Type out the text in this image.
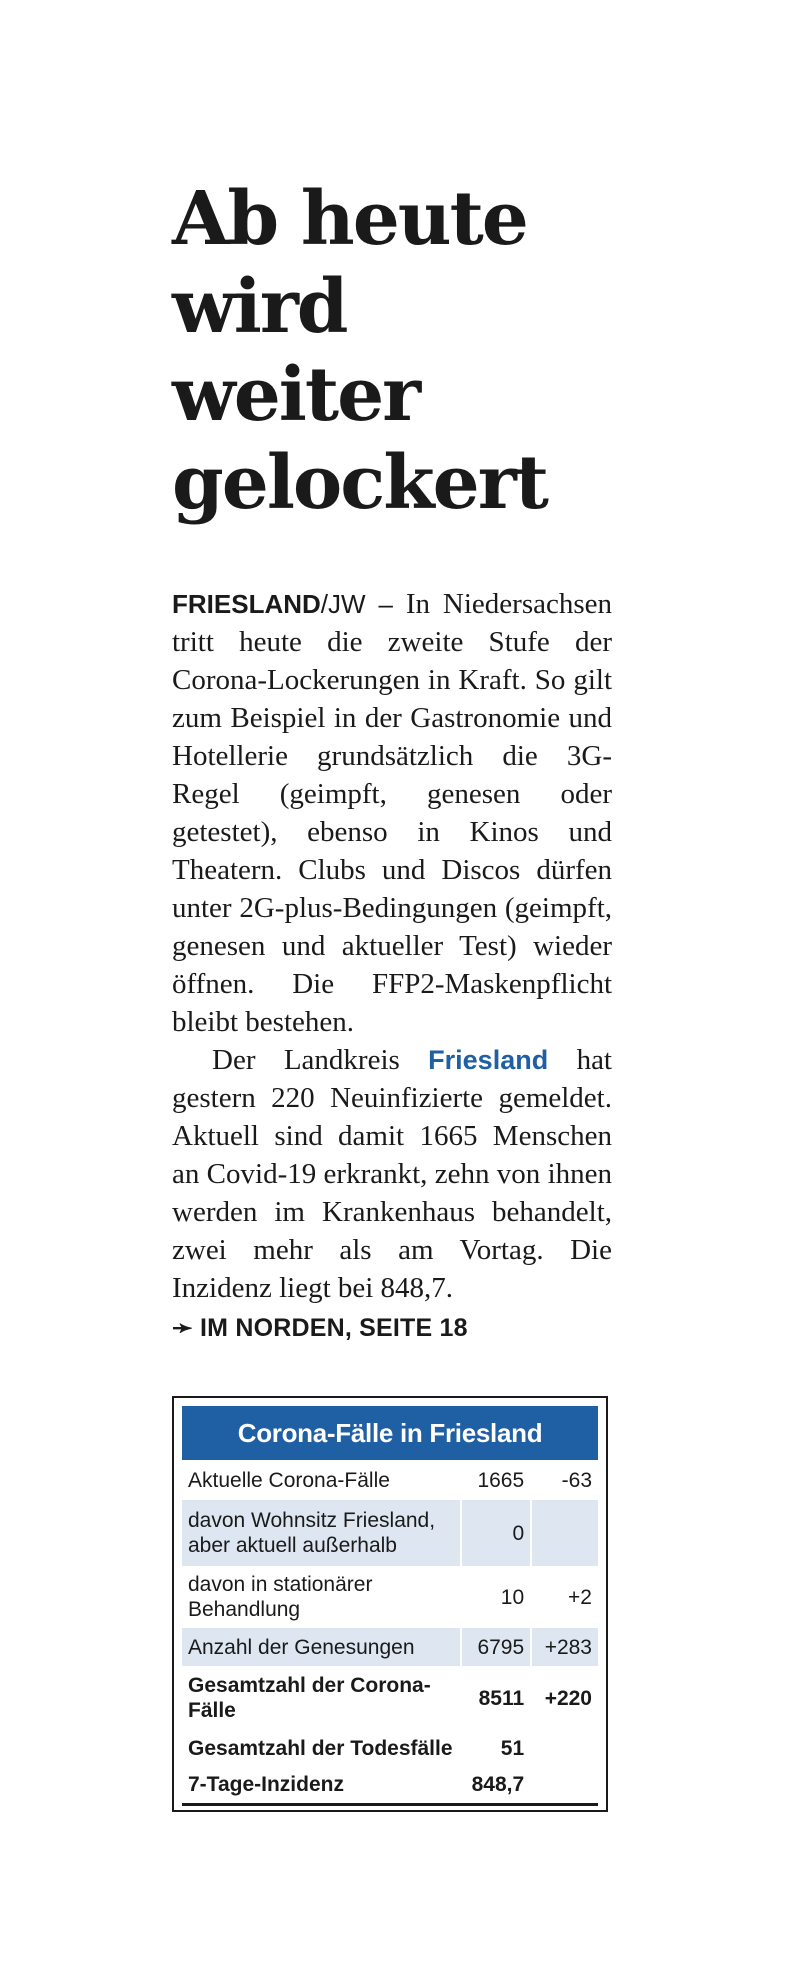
Ab heute
wird weiter
gelockert

FRIESLAND/JW – In Niedersachsen tritt heute die zweite Stufe der Corona-Lockerungen in Kraft. So gilt zum Beispiel in der Gastronomie und Hotellerie grundsätzlich die 3G-Regel (geimpft, genesen oder getestet), ebenso in Kinos und Theatern. Clubs und Discos dürfen unter 2G-plus-Bedingungen (geimpft, genesen und aktueller Test) wieder öffnen. Die FFP2-Maskenpflicht bleibt bestehen.

Der Landkreis Friesland hat gestern 220 Neuinfizierte gemeldet. Aktuell sind damit 1665 Menschen an Covid-19 erkrankt, zehn von ihnen werden im Krankenhaus behandelt, zwei mehr als am Vortag. Die Inzidenz liegt bei 848,7.

➛ IM NORDEN, SEITE 18
Corona-Fälle in Friesland
Aktuelle Corona-Fälle	1665	-63
davon Wohnsitz Friesland, aber aktuell außerhalb	0	
davon in stationärer Behandlung	10	+2
Anzahl der Genesungen	6795	+283
Gesamtzahl der Corona-Fälle	8511	+220
Gesamtzahl der Todesfälle	51	
7-Tage-Inzidenz	848,7	
